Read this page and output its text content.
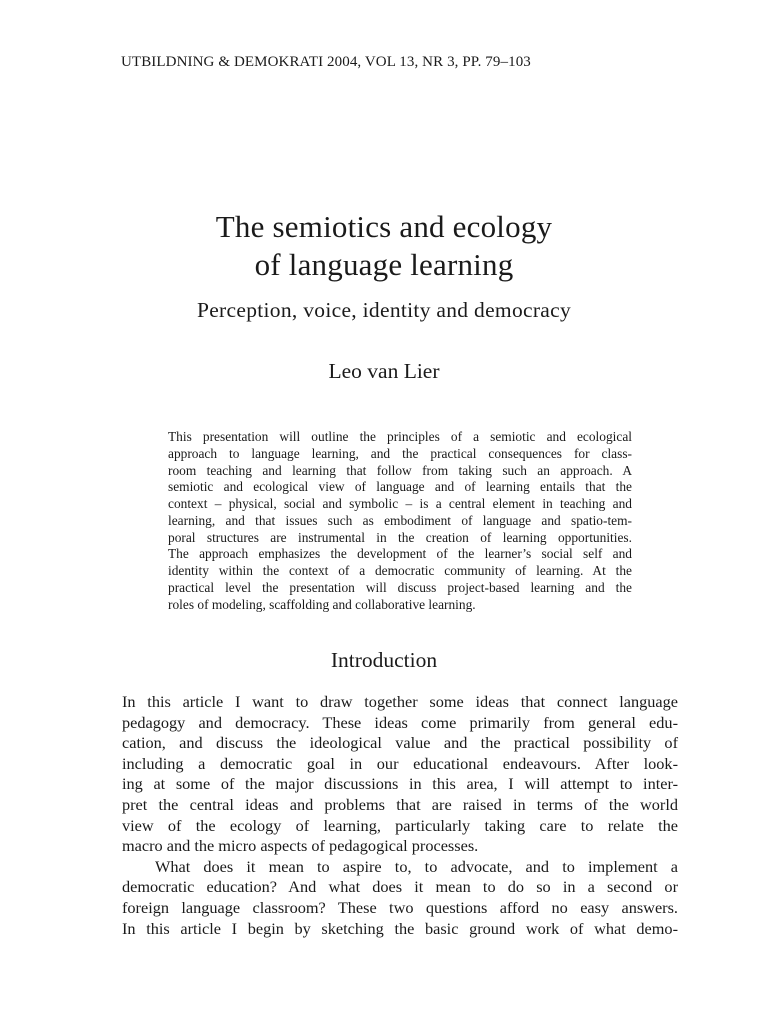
UTBILDNING & DEMOKRATI 2004, VOL 13, NR 3, PP. 79–103
The semiotics and ecology
of language learning
Perception, voice, identity and democracy
Leo van Lier
This presentation will outline the principles of a semiotic and ecological
approach to language learning, and the practical consequences for class-
room teaching and learning that follow from taking such an approach. A
semiotic and ecological view of language and of learning entails that the
context – physical, social and symbolic – is a central element in teaching and
learning, and that issues such as embodiment of language and spatio-tem-
poral structures are instrumental in the creation of learning opportunities.
The approach emphasizes the development of the learner’s social self and
identity within the context of a democratic community of learning. At the
practical level the presentation will discuss project-based learning and the
roles of modeling, scaffolding and collaborative learning.
Introduction
In this article I want to draw together some ideas that connect language
pedagogy and democracy. These ideas come primarily from general edu-
cation, and discuss the ideological value and the practical possibility of
including a democratic goal in our educational endeavours. After look-
ing at some of the major discussions in this area, I will attempt to inter-
pret the central ideas and problems that are raised in terms of the world
view of the ecology of learning, particularly taking care to relate the
macro and the micro aspects of pedagogical processes.
What does it mean to aspire to, to advocate, and to implement a
democratic education? And what does it mean to do so in a second or
foreign language classroom? These two questions afford no easy answers.
In this article I begin by sketching the basic ground work of what demo-
